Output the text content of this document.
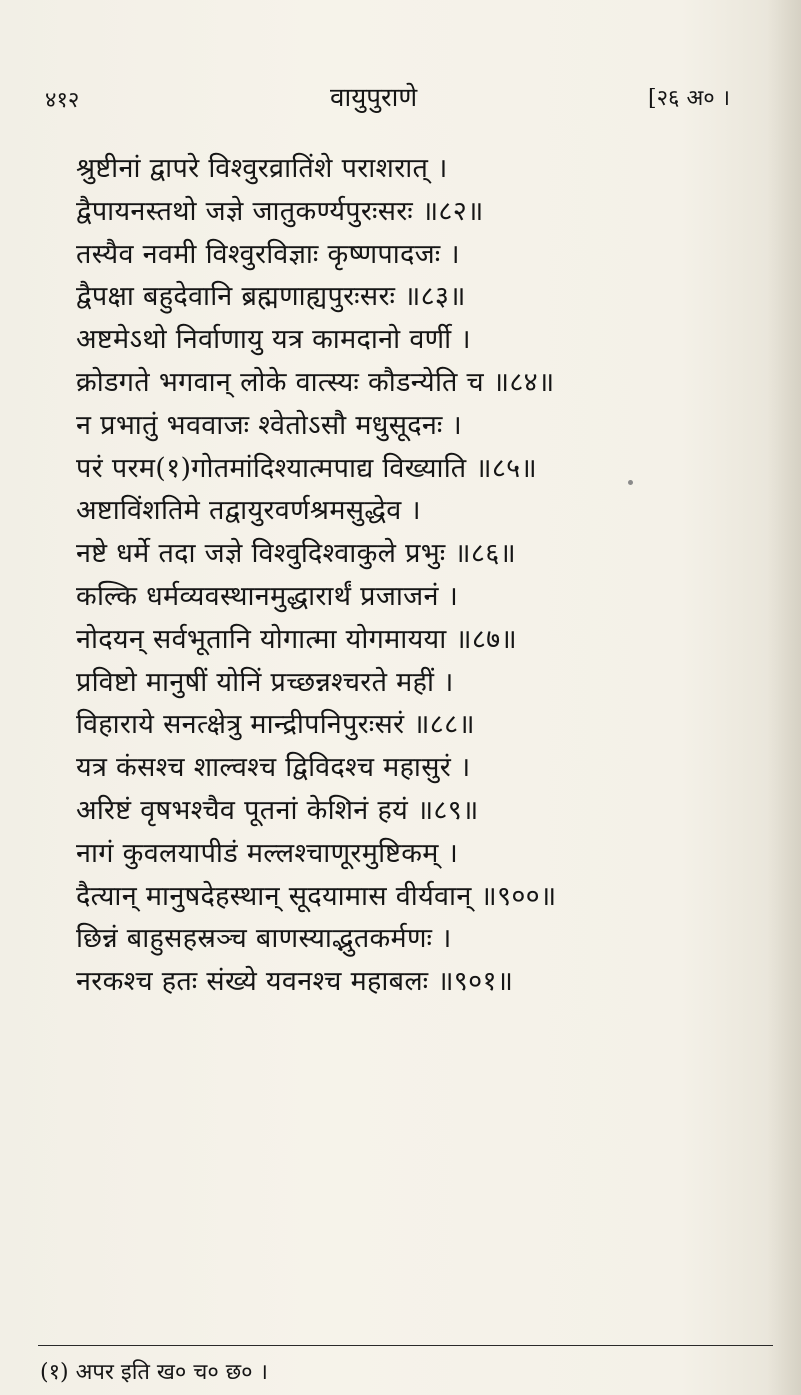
४१२	वायुपुराणे	[२६ अ० ।
श्रुष्टीनां द्वापरे विश्वुरव्रातिंशे पराशरात् ।
द्वैपायनस्तथो जज्ञे जातुकर्ण्यपुरःसरः ॥८२॥
तस्यैव नवमी विश्वुरविज्ञाः कृष्णपादजः ।
द्वैपक्षा बहुदेवानि ब्रह्मणाह्यपुरःसरः ॥८३॥
अष्टमेऽथो निर्वाणायु यत्र कामदानो वर्णी ।
क्रोडगते भगवान् लोके वात्स्यः कौडन्येति च ॥८४॥
न प्रभातुं भववाजः श्वेतोऽसौ मधुसूदनः ।
परं परम(१)गोतमांदिश्यात्मपाद्य विख्याति ॥८५॥
अष्टाविंशतिमे तद्वायुरवर्णश्रमसुद्धेव ।
नष्टे धर्मे तदा जज्ञे विश्वुदिश्वाकुले प्रभुः ॥८६॥
कल्कि धर्मव्यवस्थानमुद्धारार्थं प्रजाजनं ।
नोदयन् सर्वभूतानि योगात्मा योगमायया ॥८७॥
प्रविष्टो मानुषीं योनिं प्रच्छन्नश्चरते महीं ।
विहाराये सनत्क्षेत्रु मान्द्रीपनिपुरःसरं ॥८८॥
यत्र कंसश्च शाल्वश्च द्विविदश्च महासुरं ।
अरिष्टं वृषभश्चैव पूतनां केशिनं हयं ॥८९॥
नागं कुवलयापीडं मल्लश्चाणूरमुष्टिकम् ।
दैत्यान् मानुषदेहस्थान् सूदयामास वीर्यवान् ॥९००॥
छिन्नं बाहुसहस्रञ्च बाणस्याद्भुतकर्मणः ।
नरकश्च हतः संख्ये यवनश्च महाबलः ॥९०१॥
(१) अपर इति ख० च० छ० ।
